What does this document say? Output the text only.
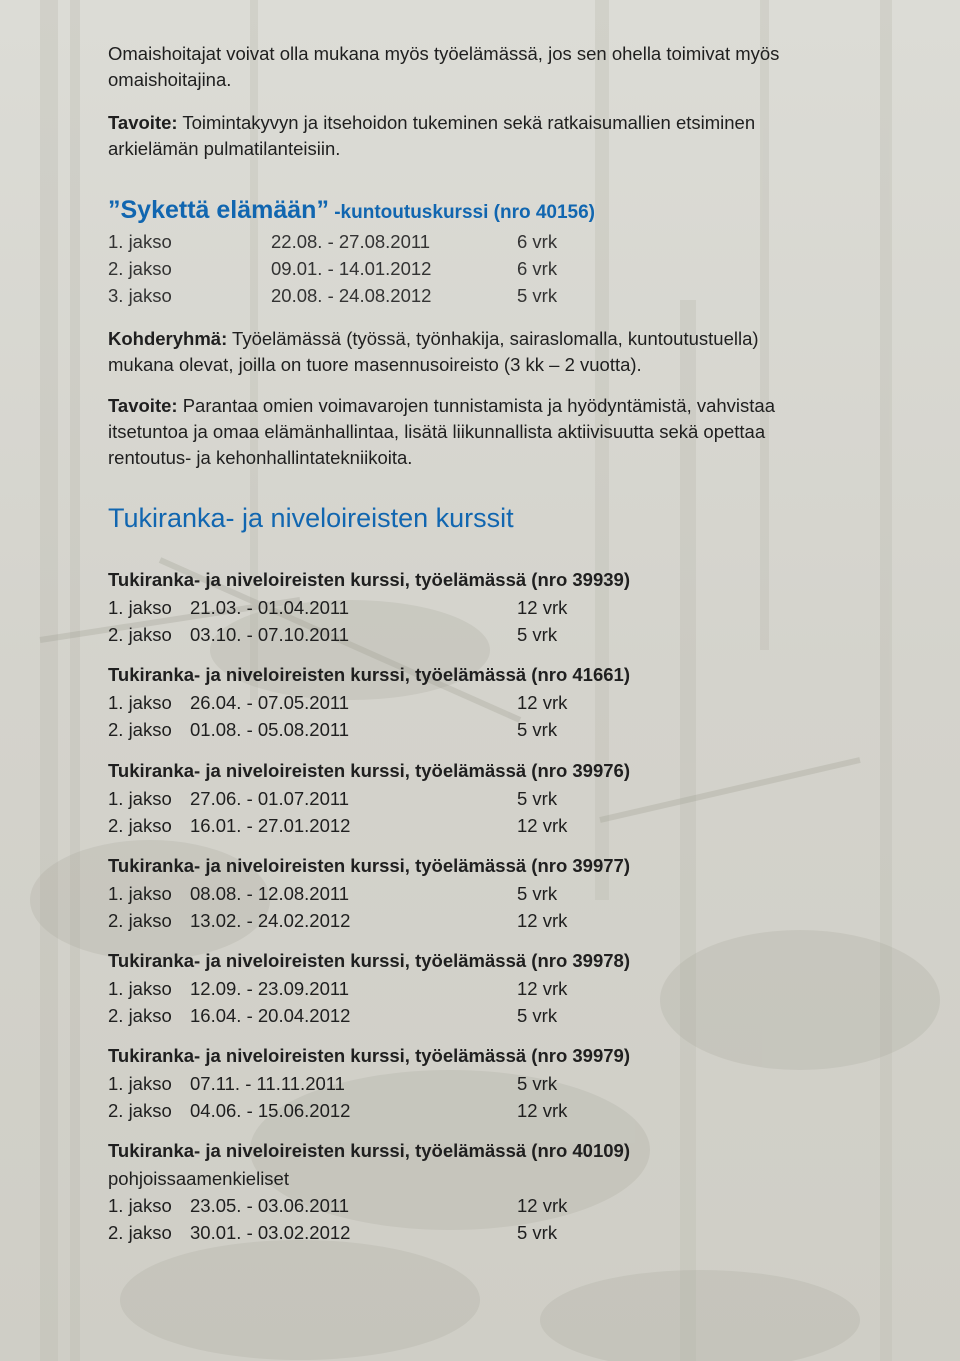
Omaishoitajat voivat olla mukana myös työelämässä, jos sen ohella toimivat myös
omaishoitajina.
Tavoite: Toimintakyvyn ja itsehoidon tukeminen sekä ratkaisumallien etsiminen
arkielämän pulmatilanteisiin.
”Sykettä elämään” -kuntoutuskurssi (nro 40156)
1. jakso	22.08. - 27.08.2011	6 vrk
2. jakso	09.01. - 14.01.2012	6 vrk
3. jakso	20.08. - 24.08.2012	5 vrk
Kohderyhmä: Työelämässä (työssä, työnhakija, sairaslomalla, kuntoutustuella)
mukana olevat, joilla on tuore masennusoireisto (3 kk – 2 vuotta).
Tavoite: Parantaa omien voimavarojen tunnistamista ja hyödyntämistä, vahvistaa
itsetuntoa ja omaa elämänhallintaa, lisätä liikunnallista aktiivisuutta sekä opettaa
rentoutus- ja kehonhallintatekniikoita.
Tukiranka- ja niveloireisten kurssit
Tukiranka- ja niveloireisten kurssi, työelämässä (nro 39939)
1. jakso 21.03. - 01.04.2011	12 vrk
2. jakso 03.10. - 07.10.2011	5 vrk
Tukiranka- ja niveloireisten kurssi, työelämässä (nro 41661)
1. jakso 26.04. - 07.05.2011	12 vrk
2. jakso 01.08. - 05.08.2011	5 vrk
Tukiranka- ja niveloireisten kurssi, työelämässä (nro 39976)
1. jakso 27.06. - 01.07.2011	5 vrk
2. jakso 16.01. - 27.01.2012	12 vrk
Tukiranka- ja niveloireisten kurssi, työelämässä (nro 39977)
1. jakso 08.08. - 12.08.2011	5 vrk
2. jakso 13.02. - 24.02.2012	12 vrk
Tukiranka- ja niveloireisten kurssi, työelämässä (nro 39978)
1. jakso 12.09. - 23.09.2011	12 vrk
2. jakso 16.04. - 20.04.2012	5 vrk
Tukiranka- ja niveloireisten kurssi, työelämässä (nro 39979)
1. jakso 07.11. - 11.11.2011	5 vrk
2. jakso 04.06. - 15.06.2012	12 vrk
Tukiranka- ja niveloireisten kurssi, työelämässä (nro 40109)
pohjoissaamenkieliset
1. jakso 23.05. - 03.06.2011	12 vrk
2. jakso 30.01. - 03.02.2012	5 vrk
